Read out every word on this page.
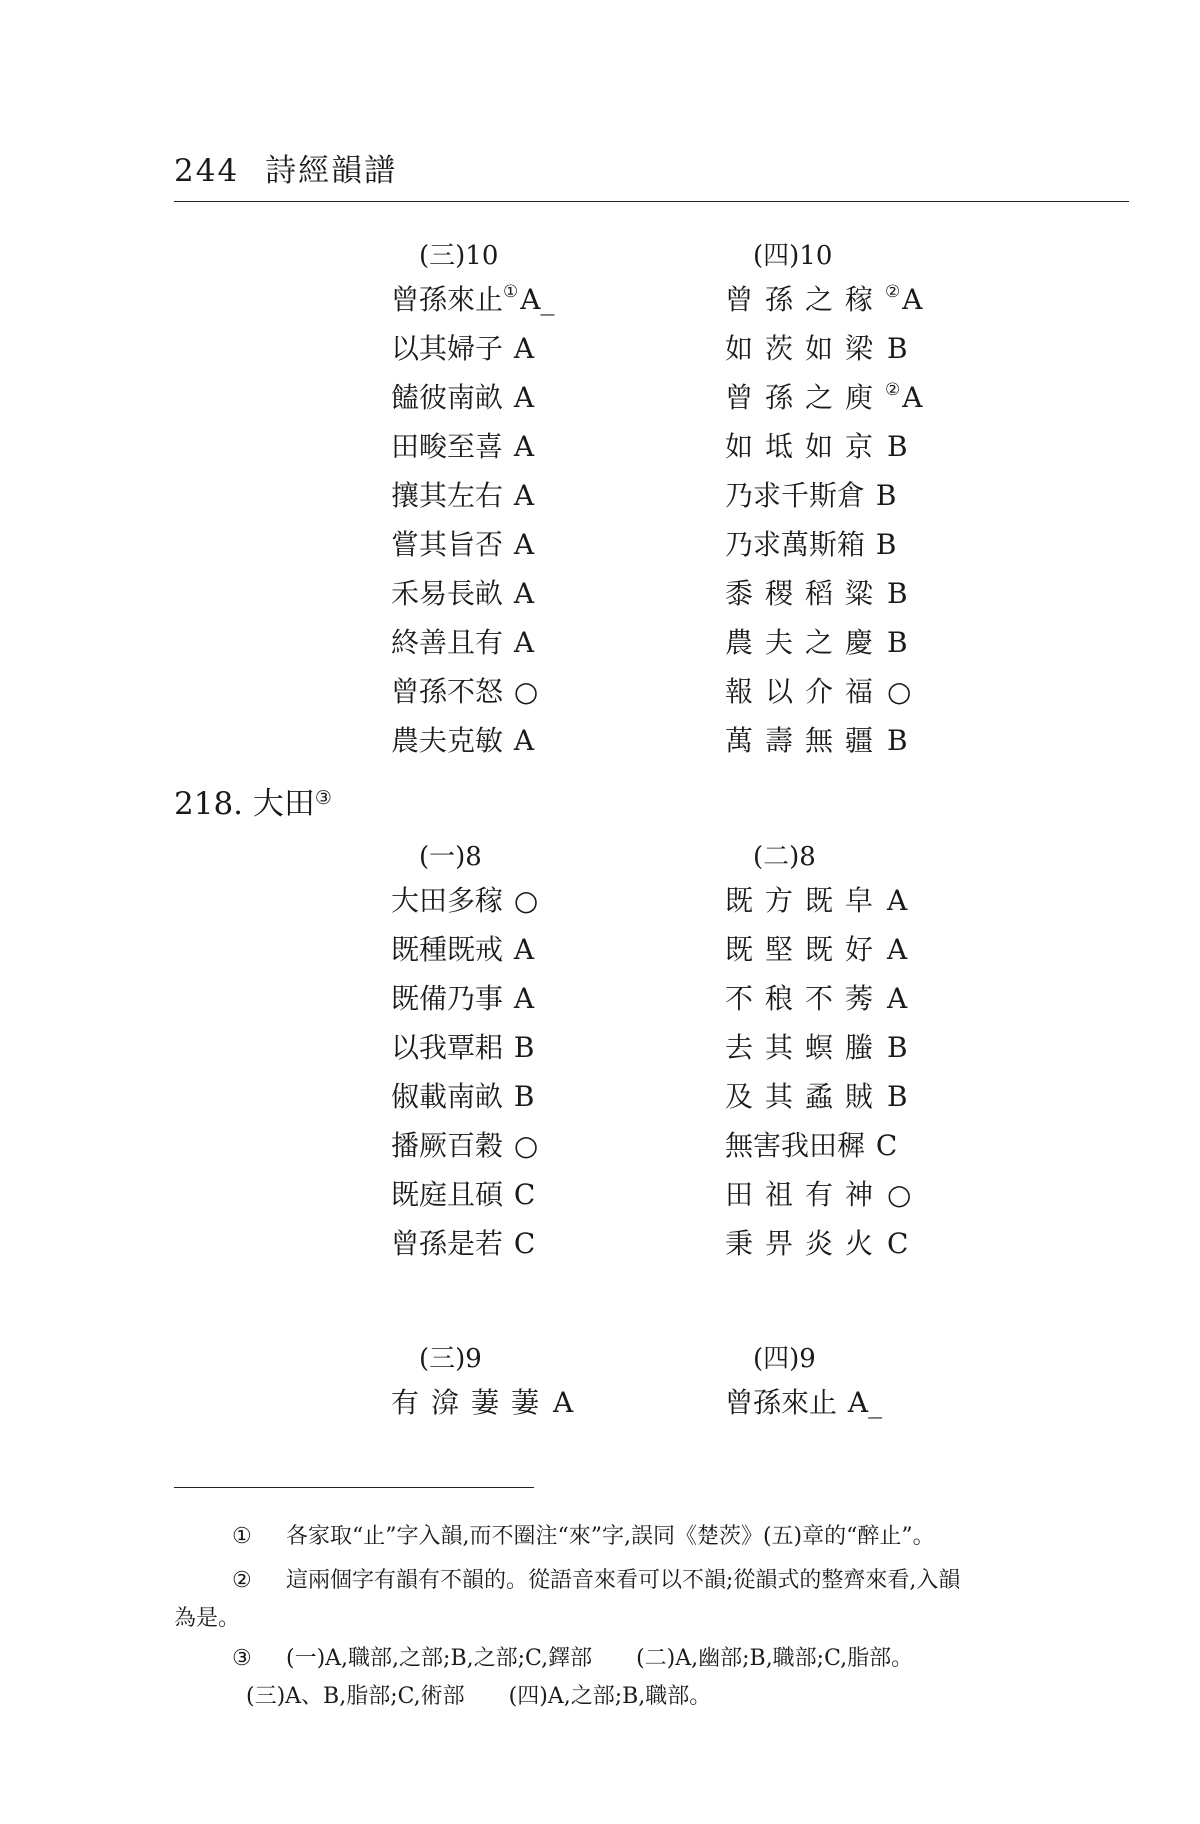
244 詩經韻譜
(三)10
曾孫來止①A_
以其婦子 A
饁彼南畝 A
田畯至喜 A
攘其左右 A
嘗其旨否 A
禾易長畝 A
終善且有 A
曾孫不怒 ○
農夫克敏 A
(四)10
曾孫之稼②A
如茨如梁B
曾孫之庾②A
如坻如京B
乃求千斯倉 B
乃求萬斯箱 B
黍稷稻粱B
農夫之慶B
報以介福○
萬壽無疆B
218. 大田③
(一)8
大田多稼 ○
既種既戒 A
既備乃事 A
以我覃耜 B
俶載南畝 B
播厥百穀 ○
既庭且碩 C
曾孫是若 C
(二)8
既方既皁A
既堅既好A
不稂不莠A
去其螟螣B
及其蟊賊B
無害我田穉 C
田祖有神○
秉畀炎火C
(三)9
有渰萋萋A
(四)9
曾孫來止 A_
① 各家取“止”字入韻,而不圈注“來”字,誤同《楚茨》(五)章的“醉止”。
② 這兩個字有韻有不韻的。從語音來看可以不韻;從韻式的整齊來看,入韻
為是。
③ (一)A,職部,之部;B,之部;C,鐸部　　(二)A,幽部;B,職部;C,脂部。
(三)A、B,脂部;C,術部　　(四)A,之部;B,職部。
